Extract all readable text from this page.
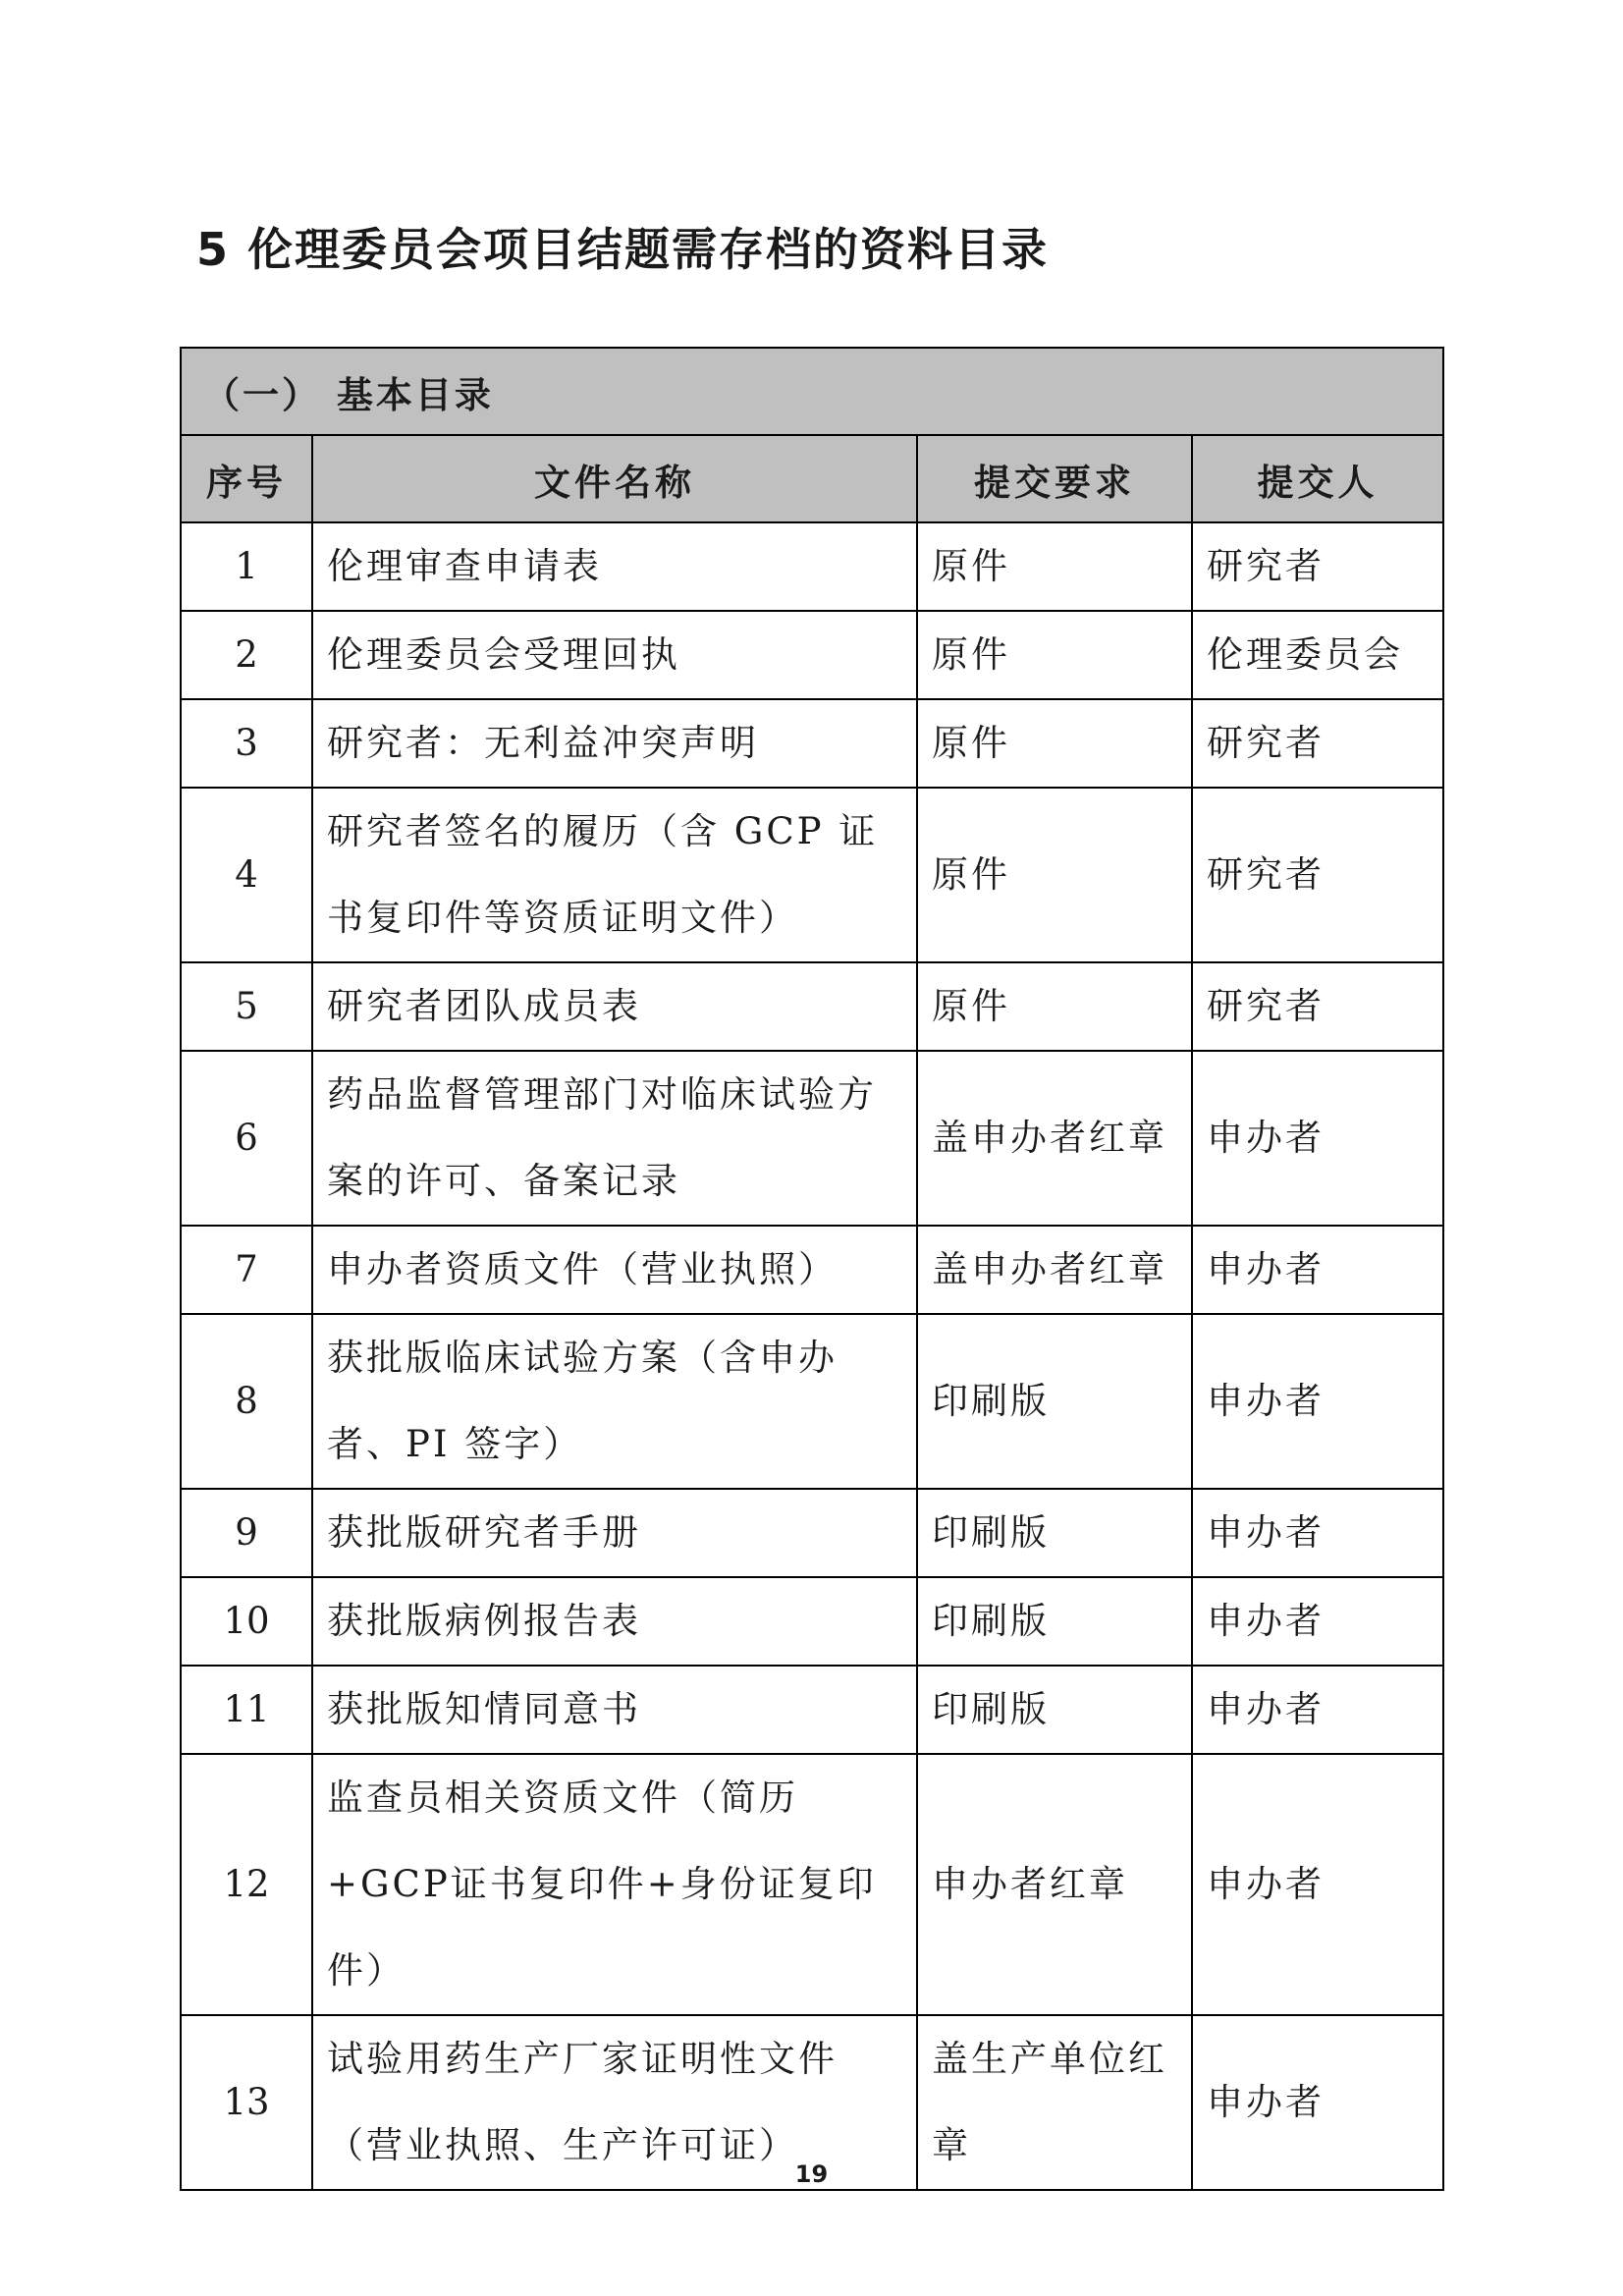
5 伦理委员会项目结题需存档的资料目录
（一） 基本目录			
序号	文件名称	提交要求	提交人
1	伦理审查申请表	原件	研究者
2	伦理委员会受理回执	原件	伦理委员会
3	研究者：无利益冲突声明	原件	研究者
4	研究者签名的履历（含 GCP 证书复印件等资质证明文件）	原件	研究者
5	研究者团队成员表	原件	研究者
6	药品监督管理部门对临床试验方案的许可、备案记录	盖申办者红章	申办者
7	申办者资质文件（营业执照）	盖申办者红章	申办者
8	获批版临床试验方案（含申办者、PI 签字）	印刷版	申办者
9	获批版研究者手册	印刷版	申办者
10	获批版病例报告表	印刷版	申办者
11	获批版知情同意书	印刷版	申办者
12	监查员相关资质文件（简历+GCP证书复印件+身份证复印件）	申办者红章	申办者
13	试验用药生产厂家证明性文件（营业执照、生产许可证）	盖生产单位红章	申办者
19
